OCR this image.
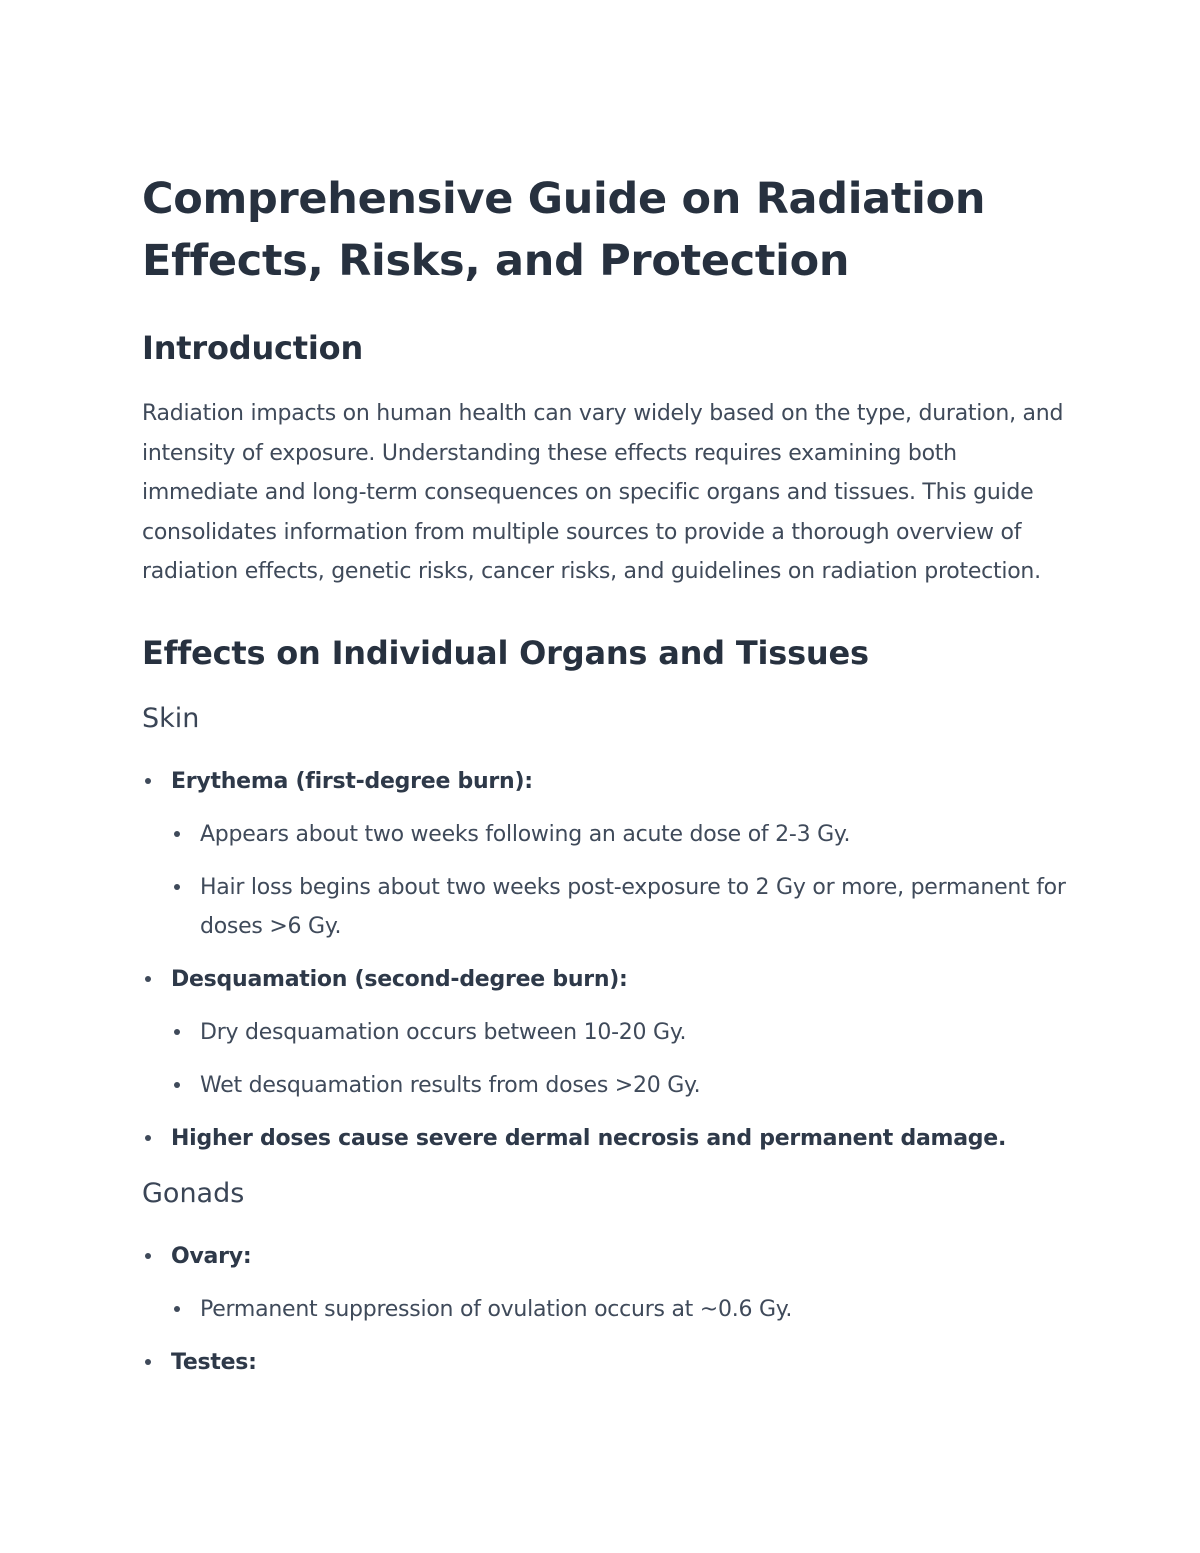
Comprehensive Guide on Radiation Effects, Risks, and Protection
Introduction

Radiation impacts on human health can vary widely based on the type, duration, and intensity of exposure. Understanding these effects requires examining both immediate and long-term consequences on specific organs and tissues. This guide consolidates information from multiple sources to provide a thorough overview of radiation effects, genetic risks, cancer risks, and guidelines on radiation protection.

Effects on Individual Organs and Tissues
Skin
Erythema (first-degree burn):
Appears about two weeks following an acute dose of 2-3 Gy.
Hair loss begins about two weeks post-exposure to 2 Gy or more, permanent for doses >6 Gy.
Desquamation (second-degree burn):
Dry desquamation occurs between 10-20 Gy.
Wet desquamation results from doses >20 Gy.
Higher doses cause severe dermal necrosis and permanent damage.
Gonads
Ovary:
Permanent suppression of ovulation occurs at ~0.6 Gy.
Testes:
